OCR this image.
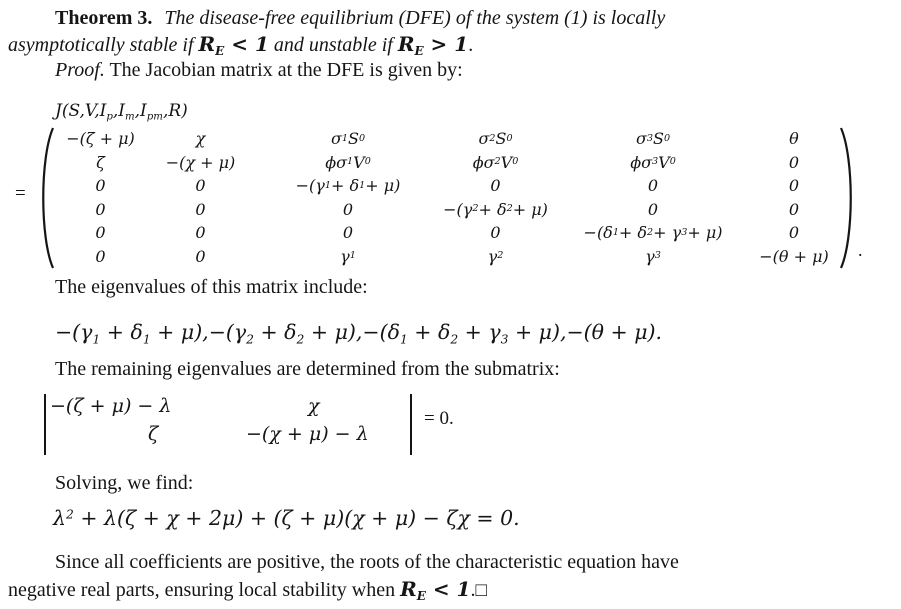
Theorem 3. The disease-free equilibrium (DFE) of the system (1) is locally
asymptotically stable if $R_E < 1$ and unstable if $R_E > 1$.
Proof. The Jacobian matrix at the DFE is given by:
$J(S,V,I_p,I_m,I_{pm},R)$
=
−(ζ + μ)	χ	σ 1 S 0	σ 2 S 0	σ 3 S 0	θ
ζ	−(χ + μ)	ϕσ 1 V 0	ϕσ 2 V 0	ϕσ 3 V 0	0
0	0	−(γ 1 + δ 1 + μ)	0	0	0
0	0	0	−(γ 2 + δ 2 + μ)	0	0
0	0	0	0	−(δ 1 + δ 2 + γ 3 + μ)	0
0	0	γ 1	γ 2	γ 3	−(θ + μ)	.
The eigenvalues of this matrix include:
$-(\gamma_1 + \delta_1 + \mu),-(\gamma_2 + \delta_2 + \mu),-(\delta_1 + \delta_2 + \gamma_3 + \mu),-(\theta + \mu)$.
The remaining eigenvalues are determined from the submatrix:
−(ζ + μ) − λ	χ
ζ	−(χ + μ) − λ
= 0.
Solving, we find:
$\lambda^2 + \lambda(\zeta + \chi + 2\mu) + (\zeta + \mu)(\chi + \mu) - \zeta\chi = 0$.
Since all coefficients are positive, the roots of the characteristic equation have
negative real parts, ensuring local stability when $R_E$ < 1.□
